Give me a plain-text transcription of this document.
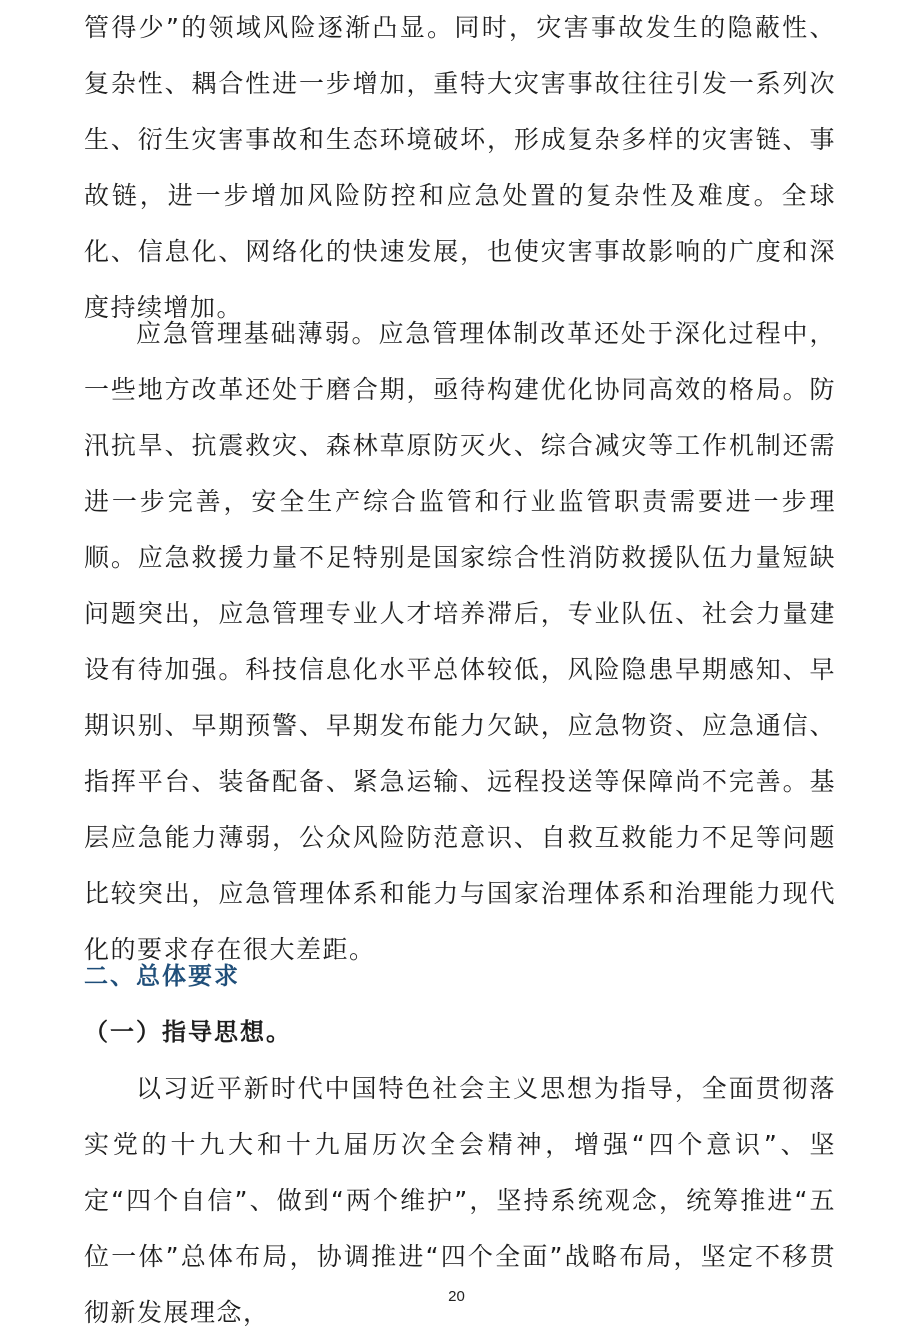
管得少”的领域风险逐渐凸显。同时，灾害事故发生的隐蔽性、复杂性、耦合性进一步增加，重特大灾害事故往往引发一系列次生、衍生灾害事故和生态环境破坏，形成复杂多样的灾害链、事故链，进一步增加风险防控和应急处置的复杂性及难度。全球化、信息化、网络化的快速发展，也使灾害事故影响的广度和深度持续增加。

应急管理基础薄弱。应急管理体制改革还处于深化过程中，一些地方改革还处于磨合期，亟待构建优化协同高效的格局。防汛抗旱、抗震救灾、森林草原防灭火、综合减灾等工作机制还需进一步完善，安全生产综合监管和行业监管职责需要进一步理顺。应急救援力量不足特别是国家综合性消防救援队伍力量短缺问题突出，应急管理专业人才培养滞后，专业队伍、社会力量建设有待加强。科技信息化水平总体较低，风险隐患早期感知、早期识别、早期预警、早期发布能力欠缺，应急物资、应急通信、指挥平台、装备配备、紧急运输、远程投送等保障尚不完善。基层应急能力薄弱，公众风险防范意识、自救互救能力不足等问题比较突出，应急管理体系和能力与国家治理体系和治理能力现代化的要求存在很大差距。

二、总体要求
（一）指导思想。

以习近平新时代中国特色社会主义思想为指导，全面贯彻落实党的十九大和十九届历次全会精神，增强“四个意识”、坚定“四个自信”、做到“两个维护”，坚持系统观念，统筹推进“五位一体”总体布局，协调推进“四个全面”战略布局，坚定不移贯彻新发展理念，

20
